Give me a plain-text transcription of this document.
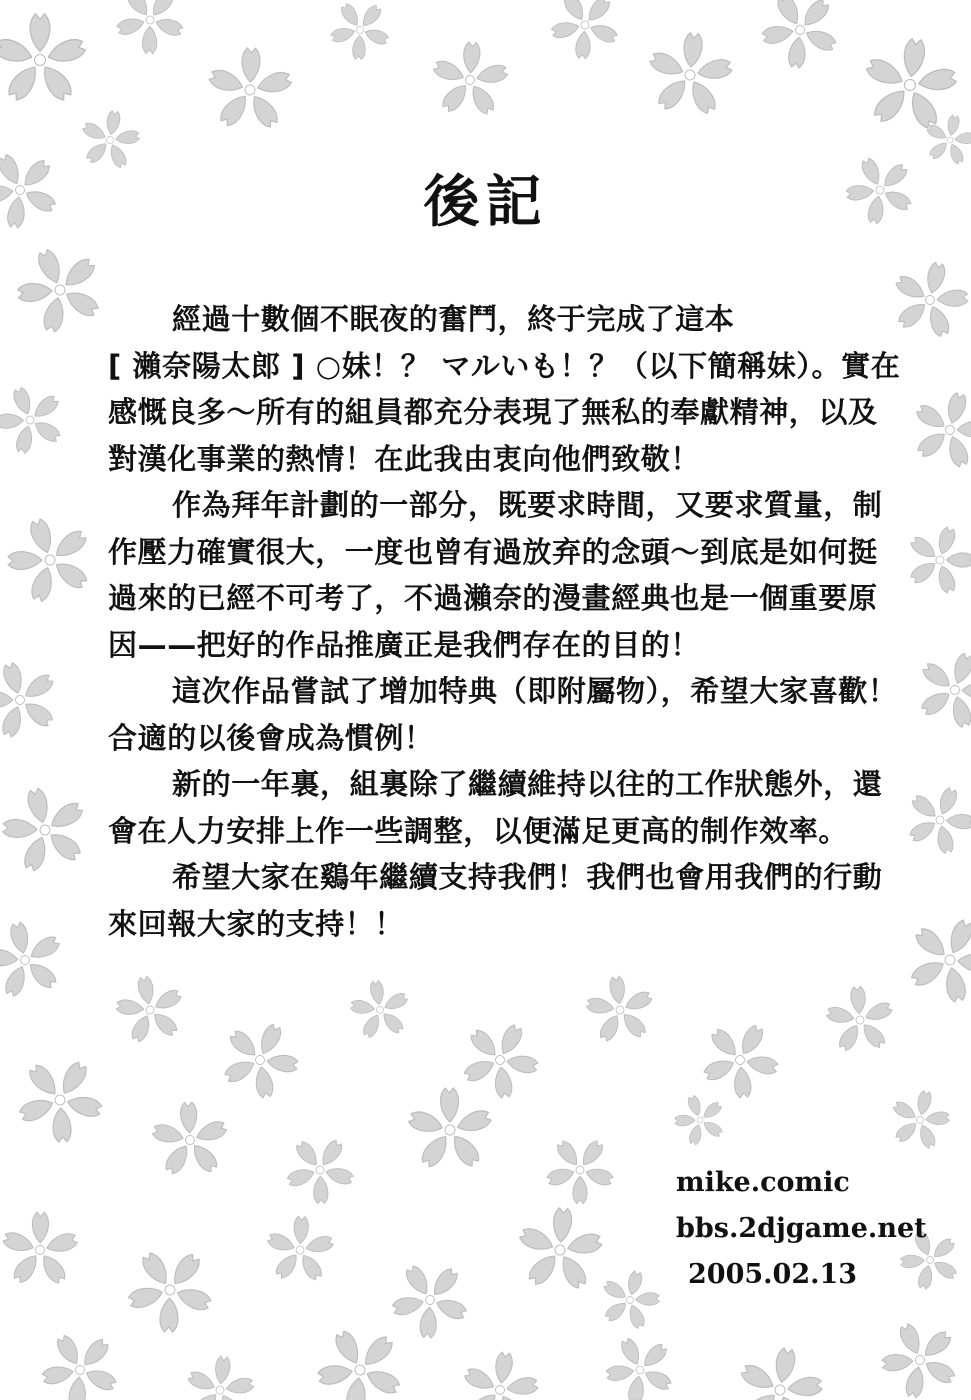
後記
經過十數個不眠夜的奮鬥，終于完成了這本
[ 瀨奈陽太郎 ] ○妹！？ マルいも！？（以下簡稱妹）。實在
感慨良多～所有的組員都充分表現了無私的奉獻精神，以及
對漢化事業的熱情！在此我由衷向他們致敬！
作為拜年計劃的一部分，既要求時間，又要求質量，制
作壓力確實很大，一度也曾有過放弃的念頭～到底是如何挺
過來的已經不可考了，不過瀨奈的漫畫經典也是一個重要原
因——把好的作品推廣正是我們存在的目的！
這次作品嘗試了增加特典（即附屬物），希望大家喜歡！
合適的以後會成為慣例！
新的一年裏，組裏除了繼續維持以往的工作狀態外，還
會在人力安排上作一些調整，以便滿足更高的制作效率。
希望大家在鷄年繼續支持我們！我們也會用我們的行動
來回報大家的支持！！
mike.comic
bbs.2djgame.net
2005.02.13
